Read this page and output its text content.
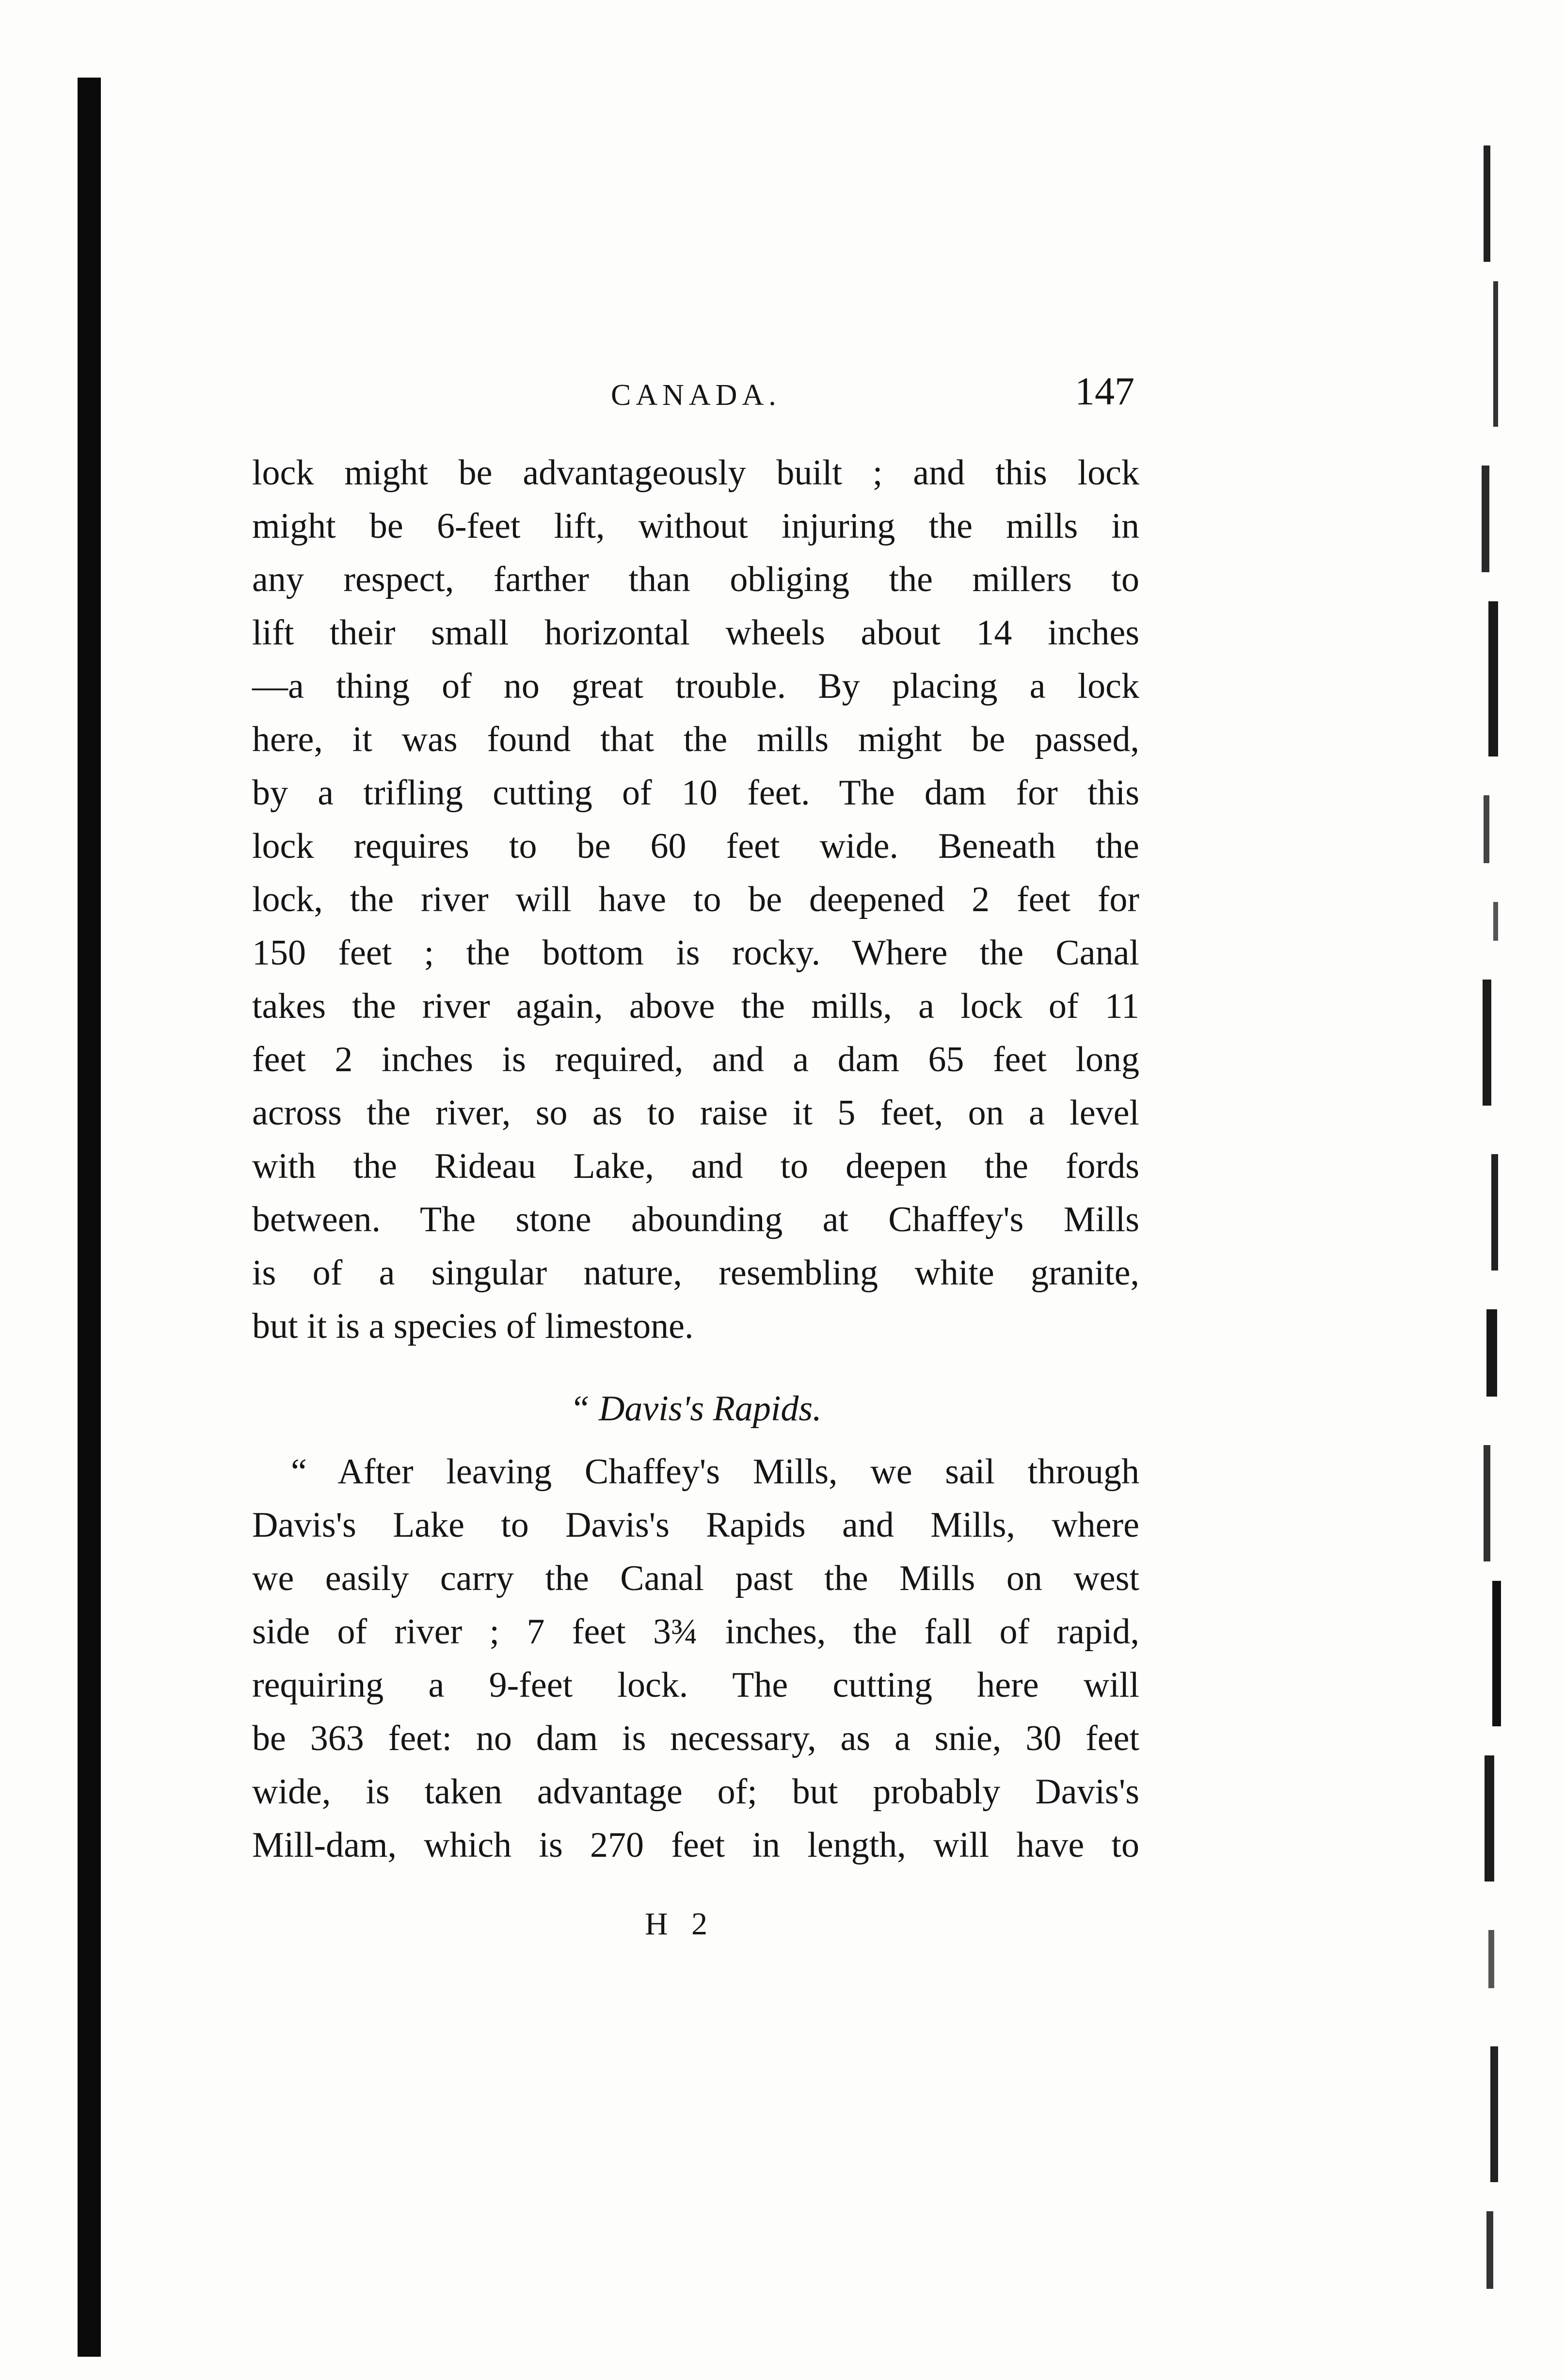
CANADA.	147
lock might be advantageously built ; and this lock
might be 6-feet lift, without injuring the mills in
any respect, farther than obliging the millers to
lift their small horizontal wheels about 14 inches
—a thing of no great trouble. By placing a lock
here, it was found that the mills might be passed,
by a trifling cutting of 10 feet. The dam for this
lock requires to be 60 feet wide. Beneath the
lock, the river will have to be deepened 2 feet for
150 feet ; the bottom is rocky. Where the Canal
takes the river again, above the mills, a lock of 11
feet 2 inches is required, and a dam 65 feet long
across the river, so as to raise it 5 feet, on a level
with the Rideau Lake, and to deepen the fords
between. The stone abounding at Chaffey's Mills
is of a singular nature, resembling white granite,
but it is a species of limestone.
“ Davis's Rapids.
“ After leaving Chaffey's Mills, we sail through
Davis's Lake to Davis's Rapids and Mills, where
we easily carry the Canal past the Mills on west
side of river ; 7 feet 3¾ inches, the fall of rapid,
requiring a 9-feet lock. The cutting here will
be 363 feet: no dam is necessary, as a snie, 30 feet
wide, is taken advantage of; but probably Davis's
Mill-dam, which is 270 feet in length, will have to
H 2
